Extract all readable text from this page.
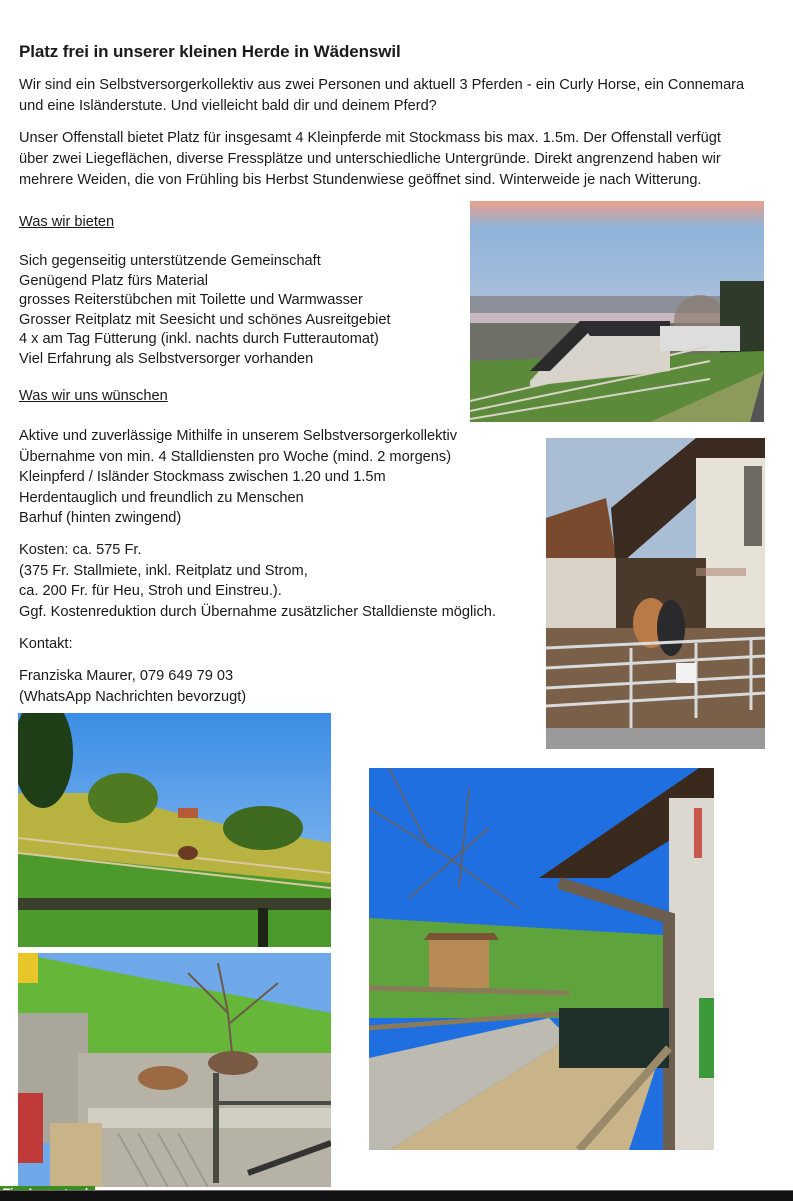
Platz frei in unserer kleinen Herde in Wädenswil
Wir sind ein Selbstversorgerkollektiv aus zwei Personen und aktuell 3 Pferden - ein Curly Horse, ein Connemara
und eine Isländerstute. Und vielleicht bald dir und deinem Pferd?
Unser Offenstall bietet Platz für insgesamt 4 Kleinpferde mit Stockmass bis max. 1.5m. Der Offenstall verfügt
über zwei Liegeflächen, diverse Fressplätze und unterschiedliche Untergründe. Direkt angrenzend haben wir
mehrere Weiden, die von Frühling bis Herbst Stundenwiese geöffnet sind. Winterweide je nach Witterung.
Was wir bieten
Sich gegenseitig unterstützende Gemeinschaft
Genügend Platz fürs Material
grosses Reiterstübchen mit Toilette und Warmwasser
Grosser Reitplatz mit Seesicht und schönes Ausreitgebiet
4 x am Tag Fütterung (inkl. nachts durch Futterautomat)
Viel Erfahrung als Selbstversorger vorhanden
Was wir uns wünschen
Aktive und zuverlässige Mithilfe in unserem Selbstversorgerkollektiv
Übernahme von min. 4 Stalldiensten pro Woche (mind. 2 morgens)
Kleinpferd / Isländer Stockmass zwischen 1.20 und 1.5m
Herdentauglich und freundlich zu Menschen
Barhuf (hinten zwingend)
Kosten: ca. 575 Fr.
(375 Fr. Stallmiete, inkl. Reitplatz und Strom,
ca. 200 Fr. für Heu, Stroh und Einstreu.).
Ggf. Kostenreduktion durch Übernahme zusätzlicher Stalldienste möglich.
Kontakt:
Franziska Maurer, 079 649 79 03
(WhatsApp Nachrichten bevorzugt)
